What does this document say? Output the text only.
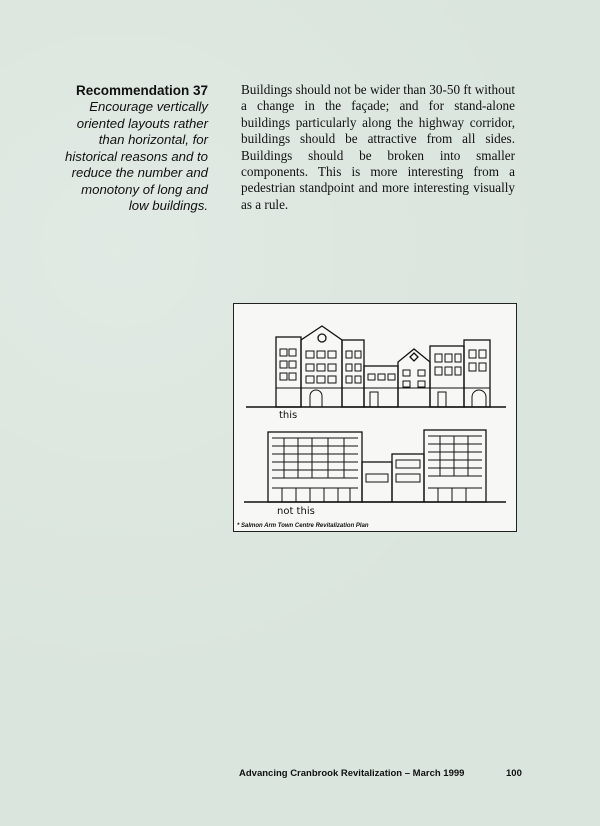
Recommendation 37
Encourage vertically oriented layouts rather than horizontal, for historical reasons and to reduce the number and monotony of long and low buildings.
Buildings should not be wider than 30-50 ft without a change in the façade; and for stand-alone buildings particularly along the highway corridor, buildings should be attractive from all sides. Buildings should be broken into smaller components. This is more interesting from a pedestrian standpoint and more interesting visually as a rule.
this
not this
* Salmon Arm Town Centre Revitalization Plan
Advancing Cranbrook Revitalization – March 1999	100
